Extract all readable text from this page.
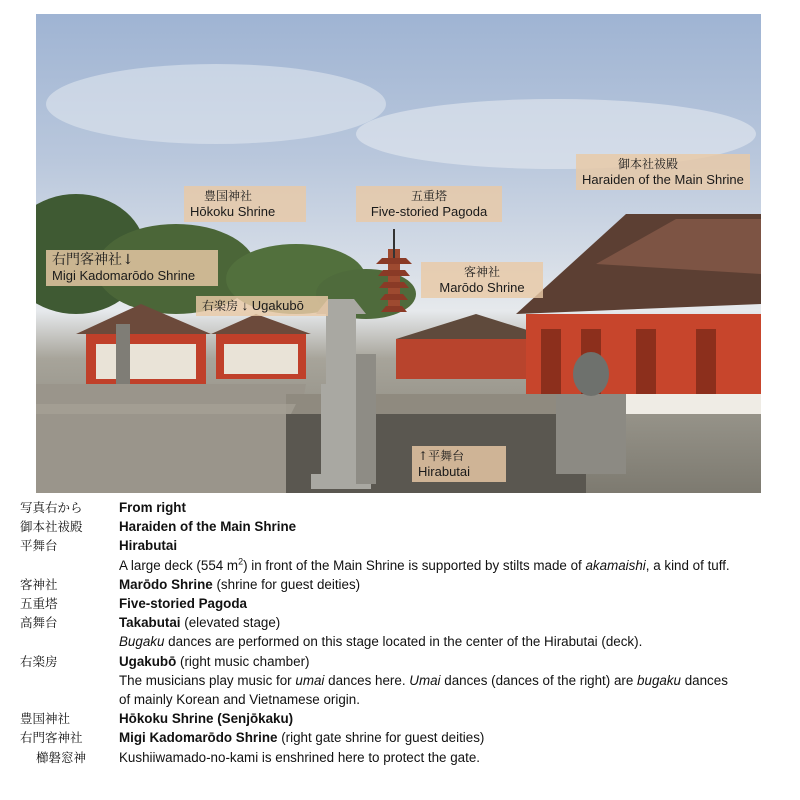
御本社祓殿
Haraiden of the Main Shrine
豊国神社
Hōkoku Shrine
五重塔
Five-storied Pagoda
客神社
Marōdo Shrine
右門客神社↓
Migi Kadomarōdo Shrine
右楽房 ↓ Ugakubō
↑平舞台
Hirabutai
写真右から	From right
御本社祓殿	Haraiden of the Main Shrine
平舞台	Hirabutai
A large deck (554 $m^2$) in front of the Main Shrine is supported by stilts made of akamaishi, a kind of tuff.
客神社	Marōdo Shrine (shrine for guest deities)
五重塔	Five-storied Pagoda
高舞台	Takabutai (elevated stage)
Bugaku dances are performed on this stage located in the center of the Hirabutai (deck).
右楽房	Ugakubō (right music chamber)
The musicians play music for umai dances here. Umai dances (dances of the right) are bugaku dances
of mainly Korean and Vietnamese origin.
豊国神社	Hōkoku Shrine (Senjōkaku)
右門客神社	Migi Kadomarōdo Shrine (right gate shrine for guest deities)
櫛磐窓神	Kushiiwamado-no-kami is enshrined here to protect the gate.
